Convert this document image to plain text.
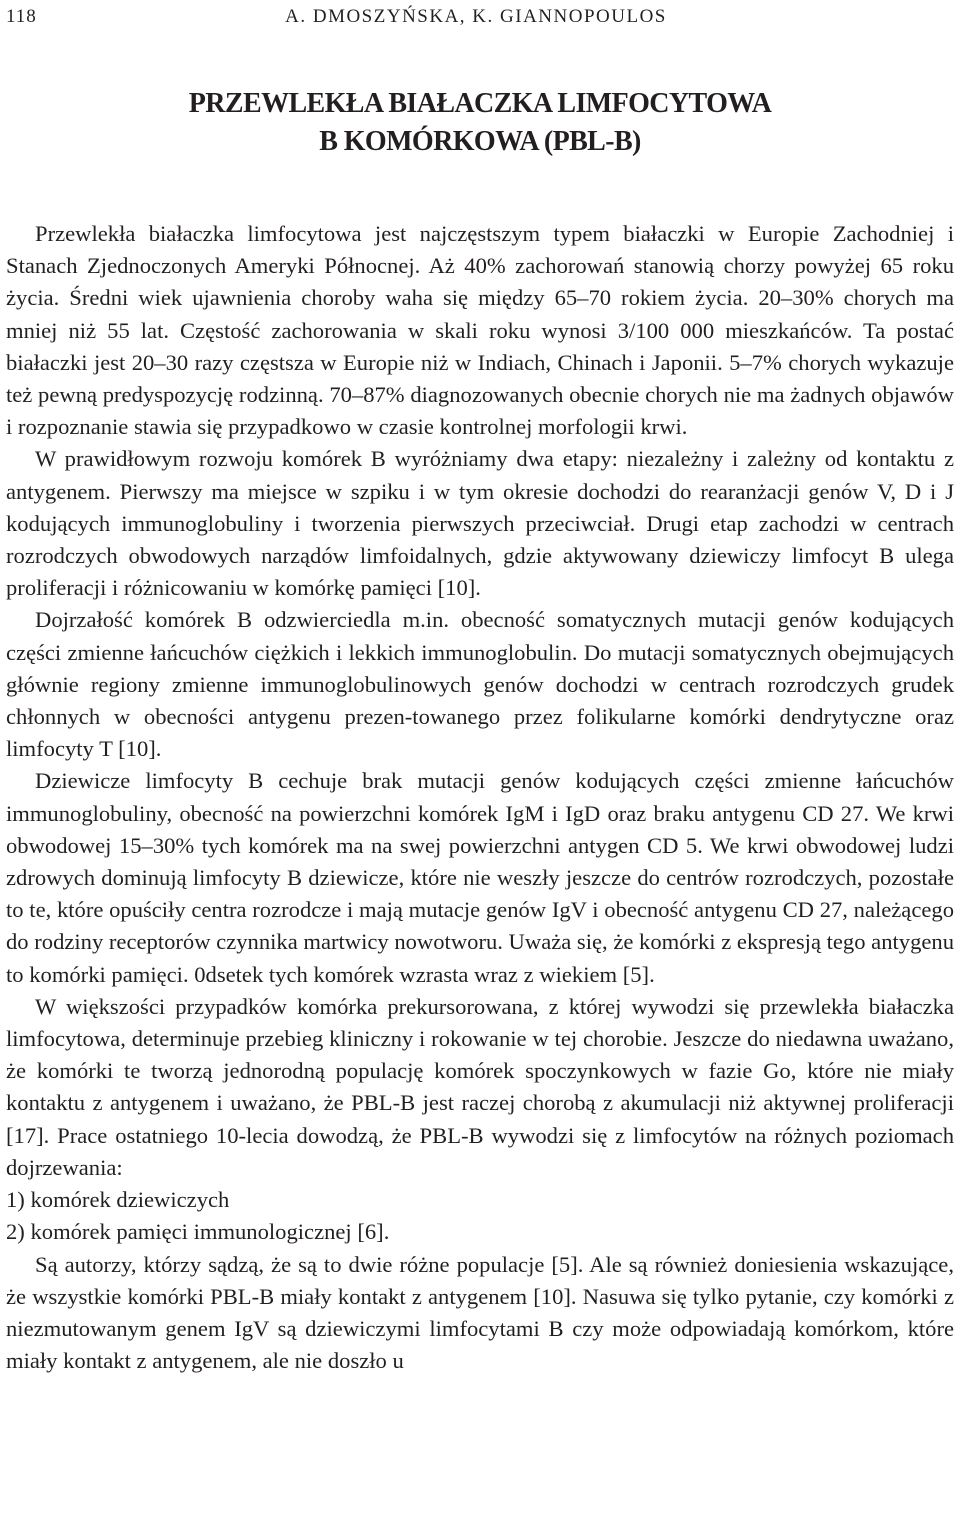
118	A. DMOSZYŃSKA, K. GIANNOPOULOS
PRZEWLEKŁA BIAŁACZKA LIMFOCYTOWA
B KOMÓRKOWA (PBL-B)

Przewlekła białaczka limfocytowa jest najczęstszym typem białaczki w Europie Zachodniej i Stanach Zjednoczonych Ameryki Północnej. Aż 40% zachorowań stanowią chorzy powyżej 65 roku życia. Średni wiek ujawnienia choroby waha się między 65–70 rokiem życia. 20–30% chorych ma mniej niż 55 lat. Częstość zachorowania w skali roku wynosi 3/100 000 mieszkańców. Ta postać białaczki jest 20–30 razy częstsza w Europie niż w Indiach, Chinach i Japonii. 5–7% chorych wykazuje też pewną predyspozycję rodzinną. 70–87% diagnozowanych obecnie chorych nie ma żadnych objawów i rozpoznanie stawia się przypadkowo w czasie kontrolnej morfologii krwi.

W prawidłowym rozwoju komórek B wyróżniamy dwa etapy: niezależny i zależny od kontaktu z antygenem. Pierwszy ma miejsce w szpiku i w tym okresie dochodzi do rearanżacji genów V, D i J kodujących immunoglobuliny i tworzenia pierwszych przeciwciał. Drugi etap zachodzi w centrach rozrodczych obwodowych narządów limfoidalnych, gdzie aktywowany dziewiczy limfocyt B ulega proliferacji i różnicowaniu w komórkę pamięci [10].

Dojrzałość komórek B odzwierciedla m.in. obecność somatycznych mutacji genów kodujących części zmienne łańcuchów ciężkich i lekkich immunoglobulin. Do mutacji somatycznych obejmujących głównie regiony zmienne immunoglobulinowych genów dochodzi w centrach rozrodczych grudek chłonnych w obecności antygenu prezen-towanego przez folikularne komórki dendrytyczne oraz limfocyty T [10].

Dziewicze limfocyty B cechuje brak mutacji genów kodujących części zmienne łańcuchów immunoglobuliny, obecność na powierzchni komórek IgM i IgD oraz braku antygenu CD 27. We krwi obwodowej 15–30% tych komórek ma na swej powierzchni antygen CD 5. We krwi obwodowej ludzi zdrowych dominują limfocyty B dziewicze, które nie weszły jeszcze do centrów rozrodczych, pozostałe to te, które opuściły centra rozrodcze i mają mutacje genów IgV i obecność antygenu CD 27, należącego do rodziny receptorów czynnika martwicy nowotworu. Uważa się, że komórki z ekspresją tego antygenu to komórki pamięci. 0dsetek tych komórek wzrasta wraz z wiekiem [5].

W większości przypadków komórka prekursorowana, z której wywodzi się przewlekła białaczka limfocytowa, determinuje przebieg kliniczny i rokowanie w tej chorobie. Jeszcze do niedawna uważano, że komórki te tworzą jednorodną populację komórek spoczynkowych w fazie Go, które nie miały kontaktu z antygenem i uważano, że PBL-B jest raczej chorobą z akumulacji niż aktywnej proliferacji [17]. Prace ostatniego 10-lecia dowodzą, że PBL-B wywodzi się z limfocytów na różnych poziomach dojrzewania:

1) komórek dziewiczych

2) komórek pamięci immunologicznej [6].

Są autorzy, którzy sądzą, że są to dwie różne populacje [5]. Ale są również doniesienia wskazujące, że wszystkie komórki PBL-B miały kontakt z antygenem [10]. Nasuwa się tylko pytanie, czy komórki z niezmutowanym genem IgV są dziewiczymi limfocytami B czy może odpowiadają komórkom, które miały kontakt z antygenem, ale nie doszło u
